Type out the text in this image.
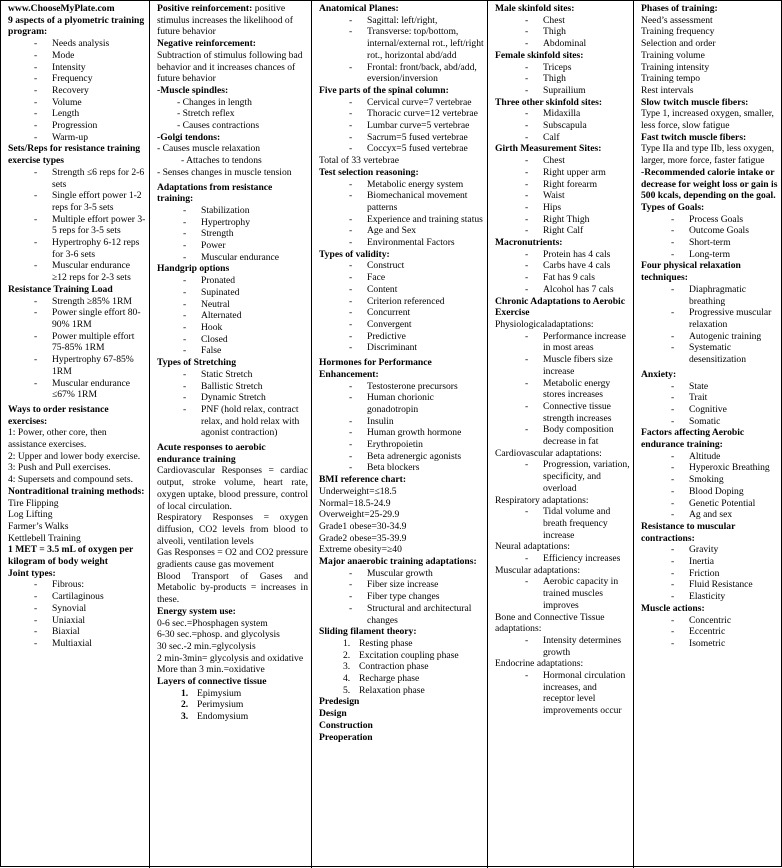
www.ChooseMyPlate.com
9 aspects of a plyometric training program:
- Needs analysis
- Mode
- Intensity
- Frequency
- Recovery
- Volume
- Length
- Progression
- Warm-up
Sets/Reps for resistance training exercise types
- Strength ≤6 reps for 2-6 sets
- Single effort power 1-2 reps for 3-5 sets
- Multiple effort power 3-5 reps for 3-5 sets
- Hypertrophy 6-12 reps for 3-6 sets
- Muscular endurance ≥12 reps for 2-3 sets
Resistance Training Load
- Strength ≥85% 1RM
- Power single effort 80-90% 1RM
- Power multiple effort 75-85% 1RM
- Hypertrophy 67-85% 1RM
- Muscular endurance ≤67% 1RM
Ways to order resistance exercises:
1: Power, other core, then assistance exercises.
2: Upper and lower body exercise.
3: Push and Pull exercises.
4: Supersets and compound sets.
Nontraditional training methods:
Tire Flipping
Log Lifting
Farmer’s Walks
Kettlebell Training
1 MET = 3.5 mL of oxygen per kilogram of body weight
Joint types:
- Fibrous:
- Cartilaginous
- Synovial
- Uniaxial
- Biaxial
- Multiaxial
Positive reinforcement: positive stimulus increases the likelihood of future behavior
Negative reinforcement:
Subtraction of stimulus following bad behavior and it increases chances of future behavior
-Muscle spindles:
- Changes in length
- Stretch reflex
- Causes contractions
-Golgi tendons:
- Causes muscle relaxation
- Attaches to tendons
- Senses changes in muscle tension
Adaptations from resistance training:
- Stabilization
- Hypertrophy
- Strength
- Power
- Muscular endurance
Handgrip options
- Pronated
- Supinated
- Neutral
- Alternated
- Hook
- Closed
- False
Types of Stretching
- Static Stretch
- Ballistic Stretch
- Dynamic Stretch
- PNF (hold relax, contract relax, and hold relax with agonist contraction)
Acute responses to aerobic endurance training
Cardiovascular Responses = cardiac output, stroke volume, heart rate, oxygen uptake, blood pressure, control of local circulation.
Respiratory Responses = oxygen diffusion, CO2 levels from blood to alveoli, ventilation levels
Gas Responses = O2 and CO2 pressure gradients cause gas movement
Blood Transport of Gases and Metabolic by-products = increases in these.
Energy system use:
0-6 sec.=Phosphagen system
6-30 sec.=phosp. and glycolysis
30 sec.-2 min.=glycolysis
2 min-3min= glycolysis and oxidative
More than 3 min.=oxidative
Layers of connective tissue
1. Epimysium
2. Perimysium
3. Endomysium
Anatomical Planes:
- Sagittal: left/right,
- Transverse: top/bottom, internal/external rot., left/right rot., horizontal abd/add
- Frontal: front/back, abd/add, eversion/inversion
Five parts of the spinal column:
- Cervical curve=7 vertebrae
- Thoracic curve=12 vertebrae
- Lumbar curve=5 vertebrae
- Sacrum=5 fused vertebrae
- Coccyx=5 fused vertebrae
Total of 33 vertebrae
Test selection reasoning:
- Metabolic energy system
- Biomechanical movement patterns
- Experience and training status
- Age and Sex
- Environmental Factors
Types of validity:
- Construct
- Face
- Content
- Criterion referenced
- Concurrent
- Convergent
- Predictive
- Discriminant
Hormones for Performance Enhancement:
- Testosterone precursors
- Human chorionic gonadotropin
- Insulin
- Human growth hormone
- Erythropoietin
- Beta adrenergic agonists
- Beta blockers
BMI reference chart:
Underweight=≤18.5
Normal=18.5-24.9
Overweight=25-29.9
Grade1 obese=30-34.9
Grade2 obese=35-39.9
Extreme obesity=≥40
Major anaerobic training adaptations:
- Muscular growth
- Fiber size increase
- Fiber type changes
- Structural and architectural changes
Sliding filament theory:
1. Resting phase
2. Excitation coupling phase
3. Contraction phase
4. Recharge phase
5. Relaxation phase
Predesign
Design
Construction
Preoperation
Male skinfold sites:
- Chest
- Thigh
- Abdominal
Female skinfold sites:
- Triceps
- Thigh
- Suprailium
Three other skinfold sites:
- Midaxilla
- Subscapula
- Calf
Girth Measurement Sites:
- Chest
- Right upper arm
- Right forearm
- Waist
- Hips
- Right Thigh
- Right Calf
Macronutrients:
- Protein has 4 cals
- Carbs have 4 cals
- Fat has 9 cals
- Alcohol has 7 cals
Chronic Adaptations to Aerobic Exercise
Physiologicaladaptations:
- Performance increase in most areas
- Muscle fibers size increase
- Metabolic energy stores increases
- Connective tissue strength increases
- Body composition decrease in fat
Cardiovascular adaptations:
- Progression, variation, specificity, and overload
Respiratory adaptations:
- Tidal volume and breath frequency increase
Neural adaptations:
- Efficiency increases
Muscular adaptations:
- Aerobic capacity in trained muscles improves
Bone and Connective Tissue adaptations:
- Intensity determines growth
Endocrine adaptations:
- Hormonal circulation increases, and receptor level improvements occur
Phases of training:
Need’s assessment
Training frequency
Selection and order
Training volume
Training intensity
Training tempo
Rest intervals
Slow twitch muscle fibers:
Type 1, increased oxygen, smaller, less force, slow fatigue
Fast twitch muscle fibers:
Type IIa and type IIb, less oxygen, larger, more force, faster fatigue
-Recommended calorie intake or decrease for weight loss or gain is 500 kcals, depending on the goal.
Types of Goals:
- Process Goals
- Outcome Goals
- Short-term
- Long-term
Four physical relaxation techniques:
- Diaphragmatic breathing
- Progressive muscular relaxation
- Autogenic training
- Systematic desensitization
Anxiety:
- State
- Trait
- Cognitive
- Somatic
Factors affecting Aerobic endurance training:
- Altitude
- Hyperoxic Breathing
- Smoking
- Blood Doping
- Genetic Potential
- Ag and sex
Resistance to muscular contractions:
- Gravity
- Inertia
- Friction
- Fluid Resistance
- Elasticity
Muscle actions:
- Concentric
- Eccentric
- Isometric
